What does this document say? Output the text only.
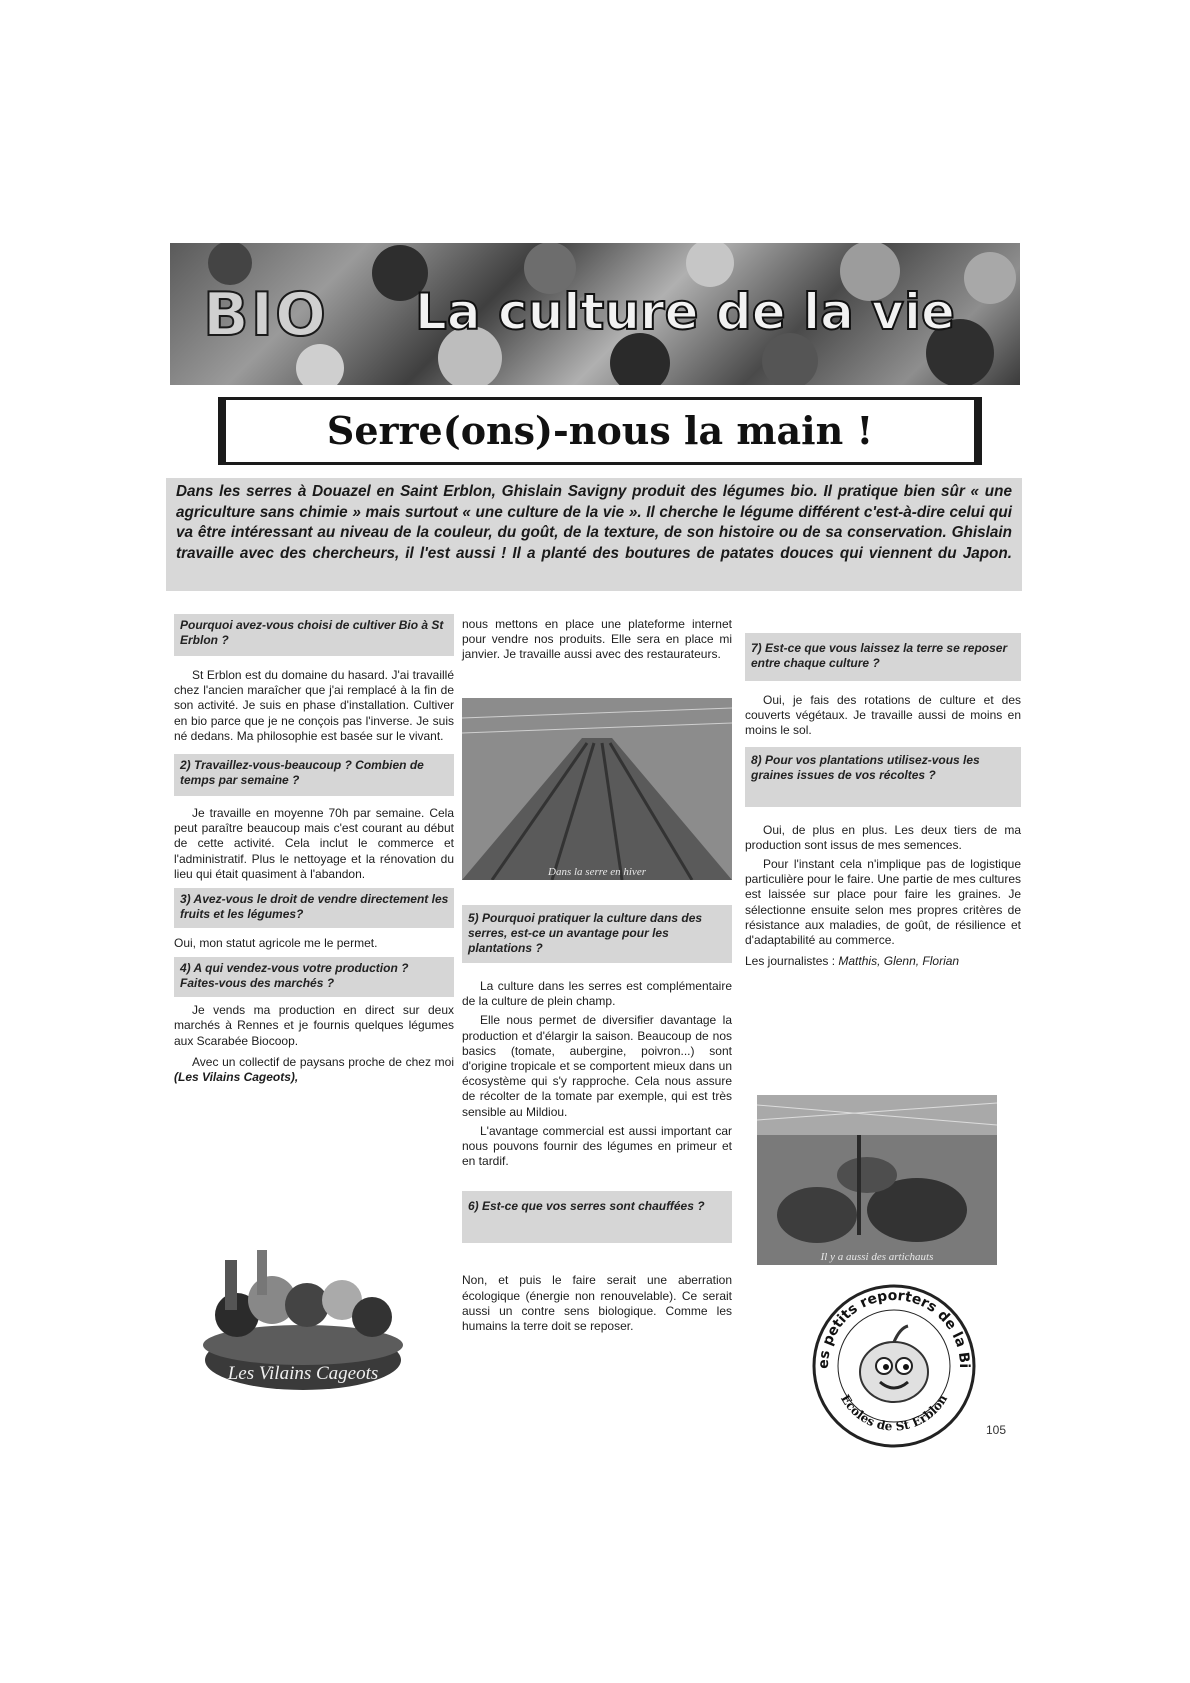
BIO	La culture de la vie
Serre(ons)-nous la main !
Dans les serres à Douazel en Saint Erblon, Ghislain Savigny produit des légumes bio. Il pratique bien sûr « une agriculture sans chimie » mais surtout « une culture de la vie ». Il cherche le légume différent c'est-à-dire celui qui va être intéressant au niveau de la couleur, du goût, de la texture, de son histoire ou de sa conservation. Ghislain travaille avec des chercheurs, il l'est aussi ! Il a planté des boutures de patates douces qui viennent du Japon.
Pourquoi avez-vous choisi de cultiver Bio à St Erblon ?

St Erblon est du domaine du hasard. J'ai travaillé chez l'ancien maraîcher que j'ai remplacé à la fin de son activité. Je suis en phase d'installation. Cultiver en bio parce que je ne conçois pas l'inverse. Je suis né dedans. Ma philosophie est basée sur le vivant.

2) Travaillez-vous-beaucoup ? Combien de temps par semaine ?

Je travaille en moyenne 70h par semaine. Cela peut paraître beaucoup mais c'est courant au début de cette activité. Cela inclut le commerce et l'administratif. Plus le nettoyage et la rénovation du lieu qui était quasiment à l'abandon.

3) Avez-vous le droit de vendre directement les fruits et les légumes?

Oui, mon statut agricole me le permet.

4) A qui vendez-vous votre production ? Faites-vous des marchés ?

Je vends ma production en direct sur deux marchés à Rennes et je fournis quelques légumes aux Scarabée Biocoop.

Avec un collectif de paysans proche de chez moi (Les Vilains Cageots),

Les Vilains Cageots

nous mettons en place une plateforme internet pour vendre nos produits. Elle sera en place mi janvier. Je travaille aussi avec des restaurateurs.

Dans la serre en hiver
5) Pourquoi pratiquer la culture dans des serres, est-ce un avantage pour les plantations ?

La culture dans les serres est complémentaire de la culture de plein champ.

Elle nous permet de diversifier davantage la production et d'élargir la saison. Beaucoup de nos basics (tomate, aubergine, poivron...) sont d'origine tropicale et se comportent mieux dans un écosystème qui s'y rapproche. Cela nous assure de récolter de la tomate par exemple, qui est très sensible au Mildiou.

L'avantage commercial est aussi important car nous pouvons fournir des légumes en primeur et en tardif.

6) Est-ce que vos serres sont chauffées ?

Non, et puis le faire serait une aberration écologique (énergie non renouvelable). Ce serait aussi un contre sens biologique. Comme les humains la terre doit se reposer.

7) Est-ce que vous laissez la terre se reposer entre chaque culture ?

Oui, je fais des rotations de culture et des couverts végétaux. Je travaille aussi de moins en moins le sol.

8) Pour vos plantations utilisez-vous les graines issues de vos récoltes ?

Oui, de plus en plus. Les deux tiers de ma production sont issus de mes semences.

Pour l'instant cela n'implique pas de logistique particulière pour le faire. Une partie de mes cultures est laissée sur place pour faire les graines. Je sélectionne ensuite selon mes propres critères de résistance aux maladies, de goût, de résilience et d'adaptabilité au commerce.

Les journalistes : Matthis, Glenn, Florian

Il y a aussi des artichauts
es petits reporters de la Bi
Ecoles de St Erblon
105
